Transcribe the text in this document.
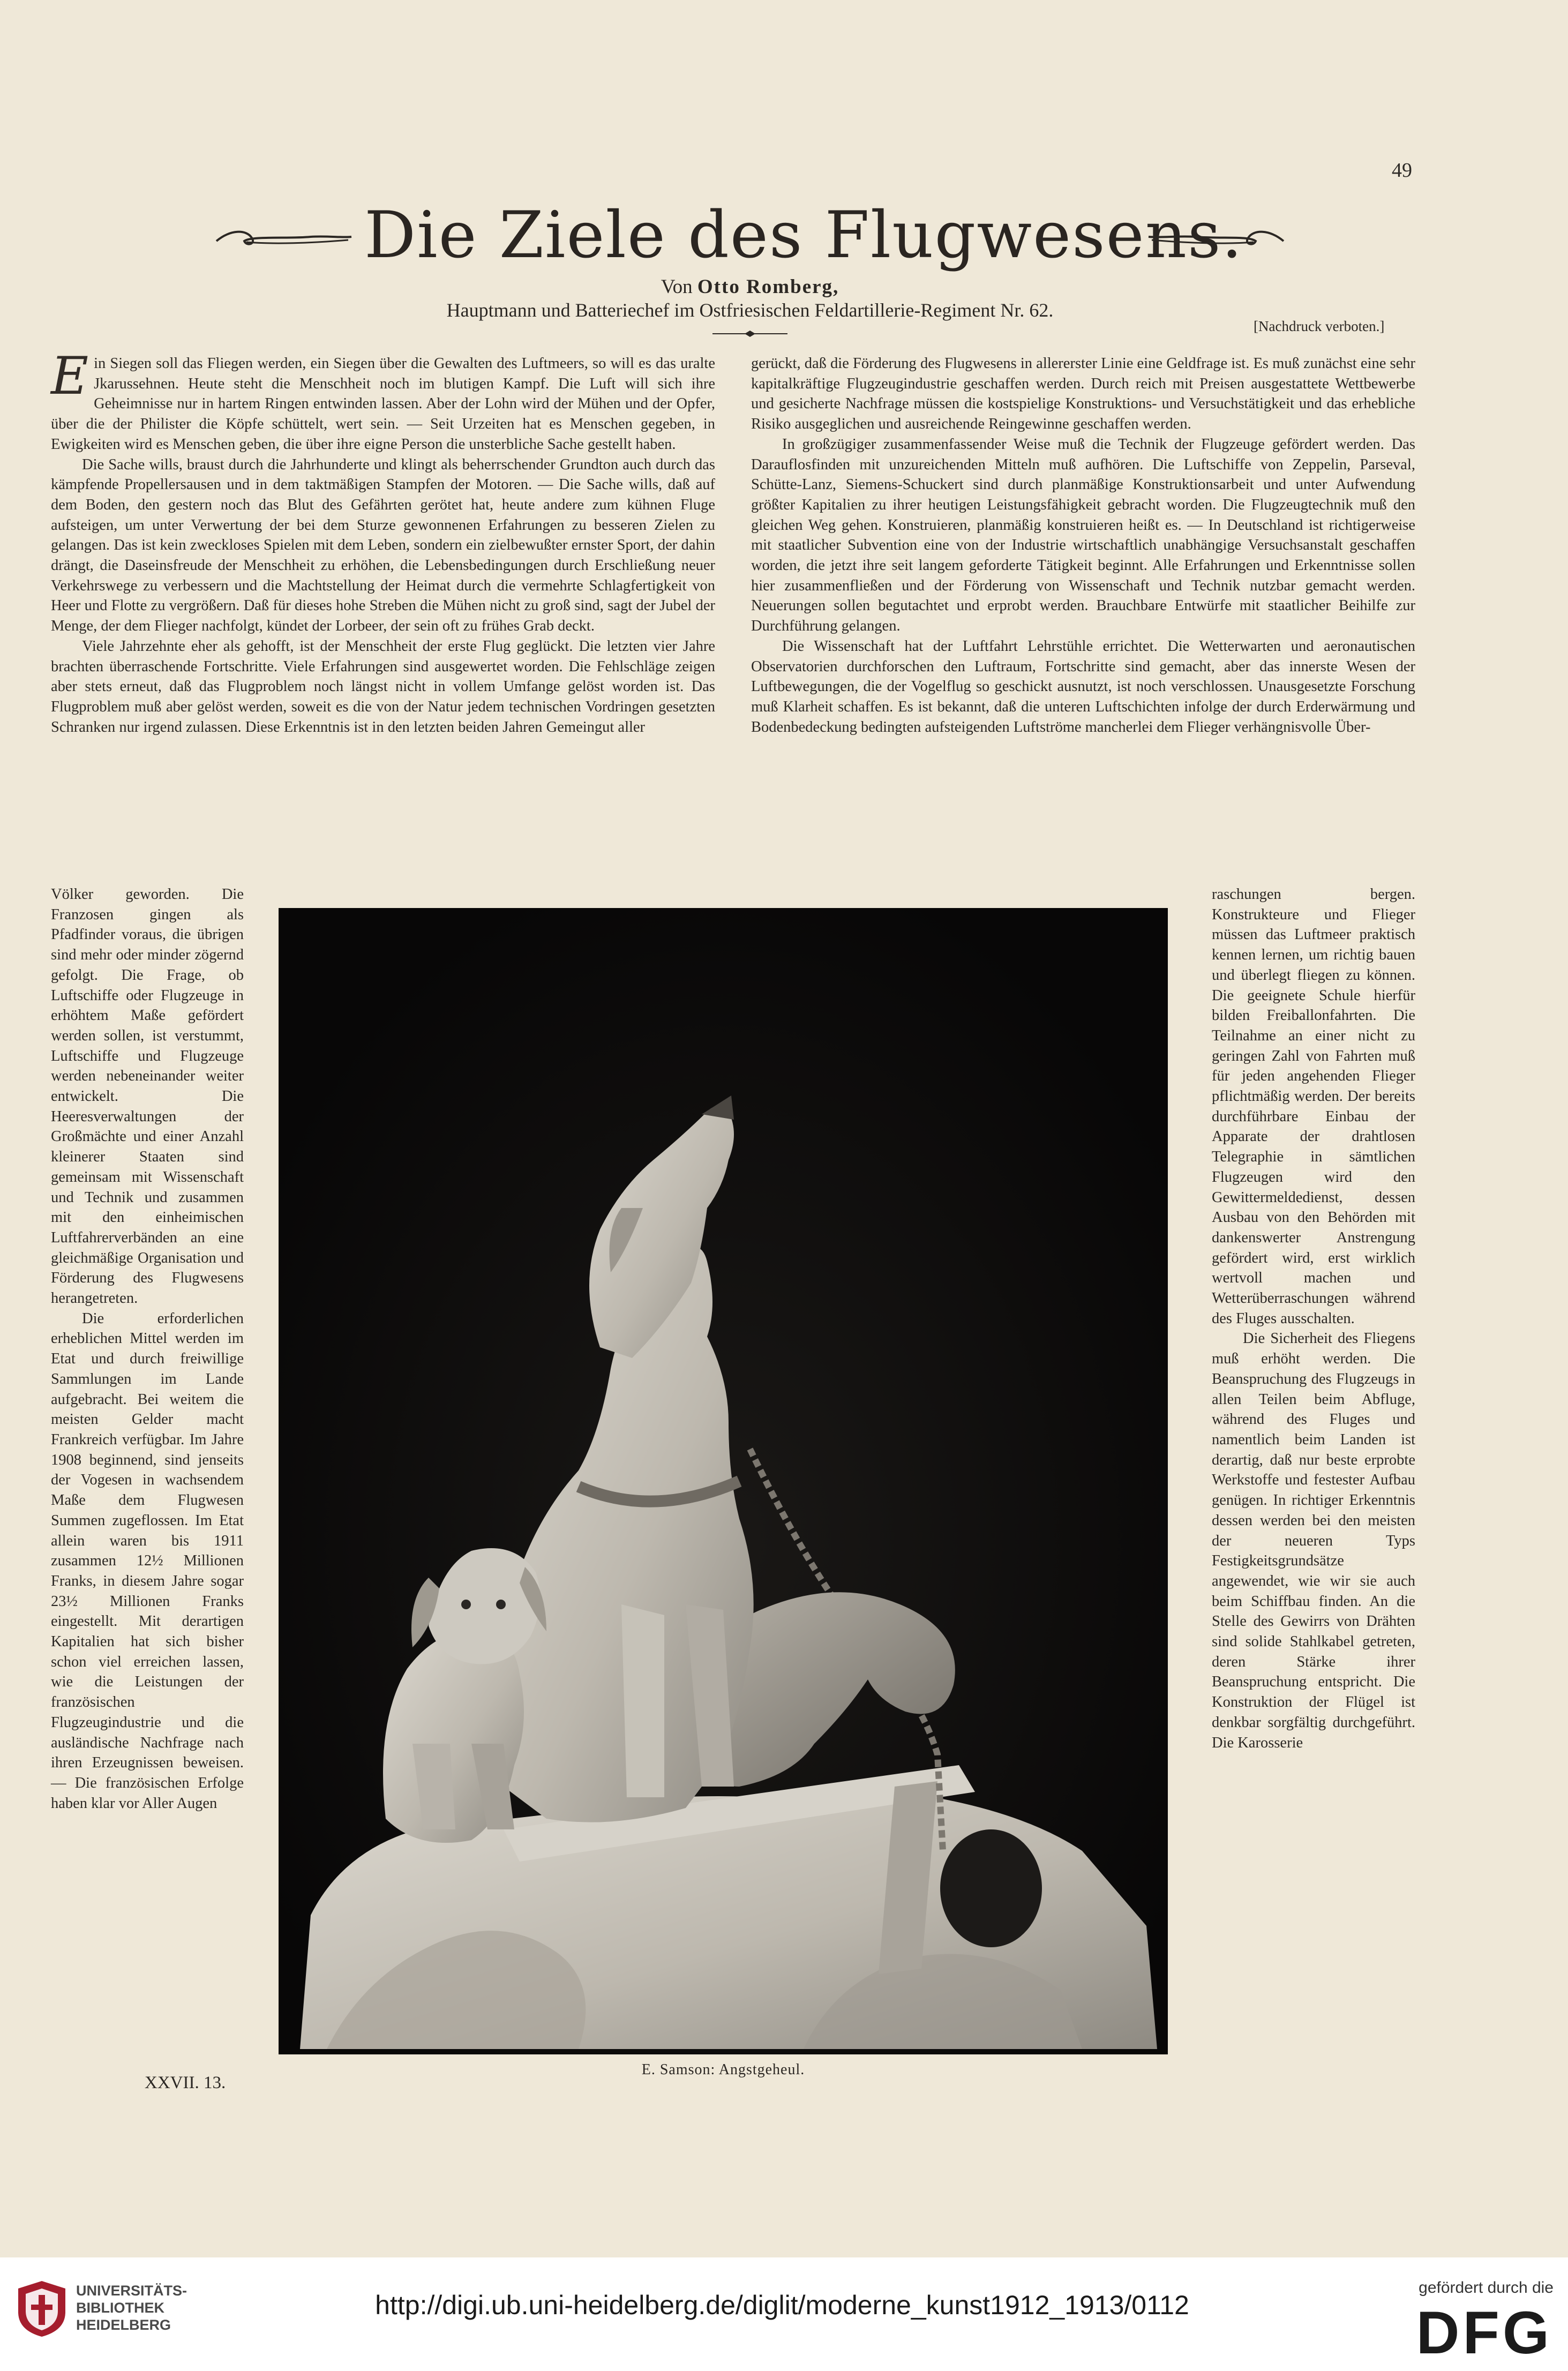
49
Die Ziele des Flugwesens.
Von Otto Romberg,
Hauptmann und Batteriechef im Ostfriesischen Feldartillerie-Regiment Nr. 62.
[Nachdruck verboten.]

Ein Siegen soll das Fliegen werden, ein Siegen über die Gewalten des Luftmeers, so will es das uralte Jkarussehnen. Heute steht die Menschheit noch im blutigen Kampf. Die Luft will sich ihre Geheimnisse nur in hartem Ringen entwinden lassen. Aber der Lohn wird der Mühen und der Opfer, über die der Philister die Köpfe schüttelt, wert sein. — Seit Urzeiten hat es Menschen gegeben, in Ewigkeiten wird es Menschen geben, die über ihre eigne Person die unsterbliche Sache gestellt haben.

Die Sache wills, braust durch die Jahrhunderte und klingt als beherrschender Grundton auch durch das kämpfende Propellersausen und in dem taktmäßigen Stampfen der Motoren. — Die Sache wills, daß auf dem Boden, den gestern noch das Blut des Gefährten gerötet hat, heute andere zum kühnen Fluge aufsteigen, um unter Verwertung der bei dem Sturze gewonnenen Erfahrungen zu besseren Zielen zu gelangen. Das ist kein zweckloses Spielen mit dem Leben, sondern ein zielbewußter ernster Sport, der dahin drängt, die Daseinsfreude der Menschheit zu erhöhen, die Lebensbedingungen durch Erschließung neuer Verkehrswege zu verbessern und die Machtstellung der Heimat durch die vermehrte Schlagfertigkeit von Heer und Flotte zu vergrößern. Daß für dieses hohe Streben die Mühen nicht zu groß sind, sagt der Jubel der Menge, der dem Flieger nachfolgt, kündet der Lorbeer, der sein oft zu frühes Grab deckt.

Viele Jahrzehnte eher als gehofft, ist der Menschheit der erste Flug geglückt. Die letzten vier Jahre brachten überraschende Fortschritte. Viele Erfahrungen sind ausgewertet worden. Die Fehlschläge zeigen aber stets erneut, daß das Flugproblem noch längst nicht in vollem Umfange gelöst worden ist. Das Flugproblem muß aber gelöst werden, soweit es die von der Natur jedem technischen Vordringen gesetzten Schranken nur irgend zulassen. Diese Erkenntnis ist in den letzten beiden Jahren Gemeingut aller

gerückt, daß die Förderung des Flugwesens in allererster Linie eine Geldfrage ist. Es muß zunächst eine sehr kapitalkräftige Flugzeugindustrie geschaffen werden. Durch reich mit Preisen ausgestattete Wettbewerbe und gesicherte Nachfrage müssen die kostspielige Konstruktions- und Versuchstätigkeit und das erhebliche Risiko ausgeglichen und ausreichende Reingewinne geschaffen werden.

In großzügiger zusammenfassender Weise muß die Technik der Flugzeuge gefördert werden. Das Darauflosfinden mit unzureichenden Mitteln muß aufhören. Die Luftschiffe von Zeppelin, Parseval, Schütte-Lanz, Siemens-Schuckert sind durch planmäßige Konstruktionsarbeit und unter Aufwendung größter Kapitalien zu ihrer heutigen Leistungsfähigkeit gebracht worden. Die Flugzeugtechnik muß den gleichen Weg gehen. Konstruieren, planmäßig konstruieren heißt es. — In Deutschland ist richtigerweise mit staatlicher Subvention eine von der Industrie wirtschaftlich unabhängige Versuchsanstalt geschaffen worden, die jetzt ihre seit langem geforderte Tätigkeit beginnt. Alle Erfahrungen und Erkenntnisse sollen hier zusammenfließen und der Förderung von Wissenschaft und Technik nutzbar gemacht werden. Neuerungen sollen begutachtet und erprobt werden. Brauchbare Entwürfe mit staatlicher Beihilfe zur Durchführung gelangen.

Die Wissenschaft hat der Luftfahrt Lehrstühle errichtet. Die Wetterwarten und aeronautischen Observatorien durchforschen den Luftraum, Fortschritte sind gemacht, aber das innerste Wesen der Luftbewegungen, die der Vogelflug so geschickt ausnutzt, ist noch verschlossen. Unausgesetzte Forschung muß Klarheit schaffen. Es ist bekannt, daß die unteren Luftschichten infolge der durch Erderwärmung und Bodenbedeckung bedingten aufsteigenden Luftströme mancherlei dem Flieger verhängnisvolle Über-

Völker geworden. Die Franzosen gingen als Pfadfinder voraus, die übrigen sind mehr oder minder zögernd gefolgt. Die Frage, ob Luftschiffe oder Flugzeuge in erhöhtem Maße gefördert werden sollen, ist verstummt, Luftschiffe und Flugzeuge werden nebeneinander weiter entwickelt. Die Heeresverwaltungen der Großmächte und einer Anzahl kleinerer Staaten sind gemeinsam mit Wissenschaft und Technik und zusammen mit den einheimischen Luftfahrerverbänden an eine gleichmäßige Organisation und Förderung des Flugwesens herangetreten.

Die erforderlichen erheblichen Mittel werden im Etat und durch freiwillige Sammlungen im Lande aufgebracht. Bei weitem die meisten Gelder macht Frankreich verfügbar. Im Jahre 1908 beginnend, sind jenseits der Vogesen in wachsendem Maße dem Flugwesen Summen zugeflossen. Im Etat allein waren bis 1911 zusammen 12½ Millionen Franks, in diesem Jahre sogar 23½ Millionen Franks eingestellt. Mit derartigen Kapitalien hat sich bisher schon viel erreichen lassen, wie die Leistungen der französischen Flugzeugindustrie und die ausländische Nachfrage nach ihren Erzeugnissen beweisen. — Die französischen Erfolge haben klar vor Aller Augen

raschungen bergen. Konstrukteure und Flieger müssen das Luftmeer praktisch kennen lernen, um richtig bauen und überlegt fliegen zu können. Die geeignete Schule hierfür bilden Freiballonfahrten. Die Teilnahme an einer nicht zu geringen Zahl von Fahrten muß für jeden angehenden Flieger pflichtmäßig werden. Der bereits durchführbare Einbau der Apparate der drahtlosen Telegraphie in sämtlichen Flugzeugen wird den Gewittermeldedienst, dessen Ausbau von den Behörden mit dankenswerter Anstrengung gefördert wird, erst wirklich wertvoll machen und Wetterüberraschungen während des Fluges ausschalten.

Die Sicherheit des Fliegens muß erhöht werden. Die Beanspruchung des Flugzeugs in allen Teilen beim Abfluge, während des Fluges und namentlich beim Landen ist derartig, daß nur beste erprobte Werkstoffe und festester Aufbau genügen. In richtiger Erkenntnis dessen werden bei den meisten der neueren Typs Festigkeitsgrundsätze angewendet, wie wir sie auch beim Schiffbau finden. An die Stelle des Gewirrs von Drähten sind solide Stahlkabel getreten, deren Stärke ihrer Beanspruchung entspricht. Die Konstruktion der Flügel ist denkbar sorgfältig durchgeführt. Die Karosserie

E. Samson: Angstgeheul.
XXVII. 13.
UNIVERSITÄTS-
BIBLIOTHEK
HEIDELBERG
http://digi.ub.uni-heidelberg.de/diglit/moderne_kunst1912_1913/0112
gefördert durch die
DFG
